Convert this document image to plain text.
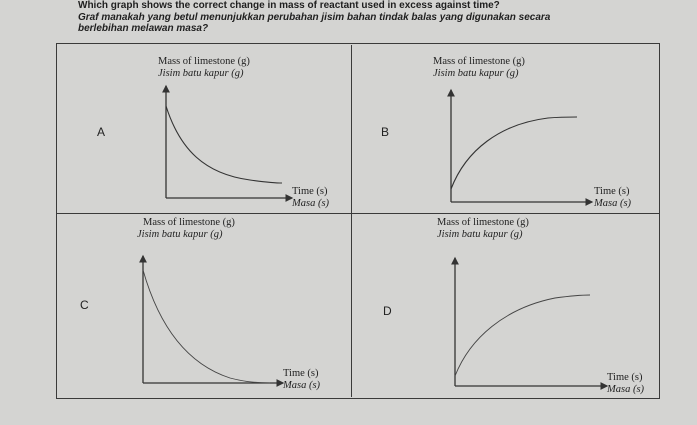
Which graph shows the correct change in mass of reactant used in excess against time?
Graf manakah yang betul menunjukkan perubahan jisim bahan tindak balas yang digunakan secara
berlebihan melawan masa?
A
Mass of limestone (g)
Jisim batu kapur (g)
Time (s)
Masa (s)
B
Mass of limestone (g)
Jisim batu kapur (g)
Time (s)
Masa (s)
C
Mass of limestone (g)
Jisim batu kapur (g)
Time (s)
Masa (s)
D
Mass of limestone (g)
Jisim batu kapur (g)
Time (s)
Masa (s)
